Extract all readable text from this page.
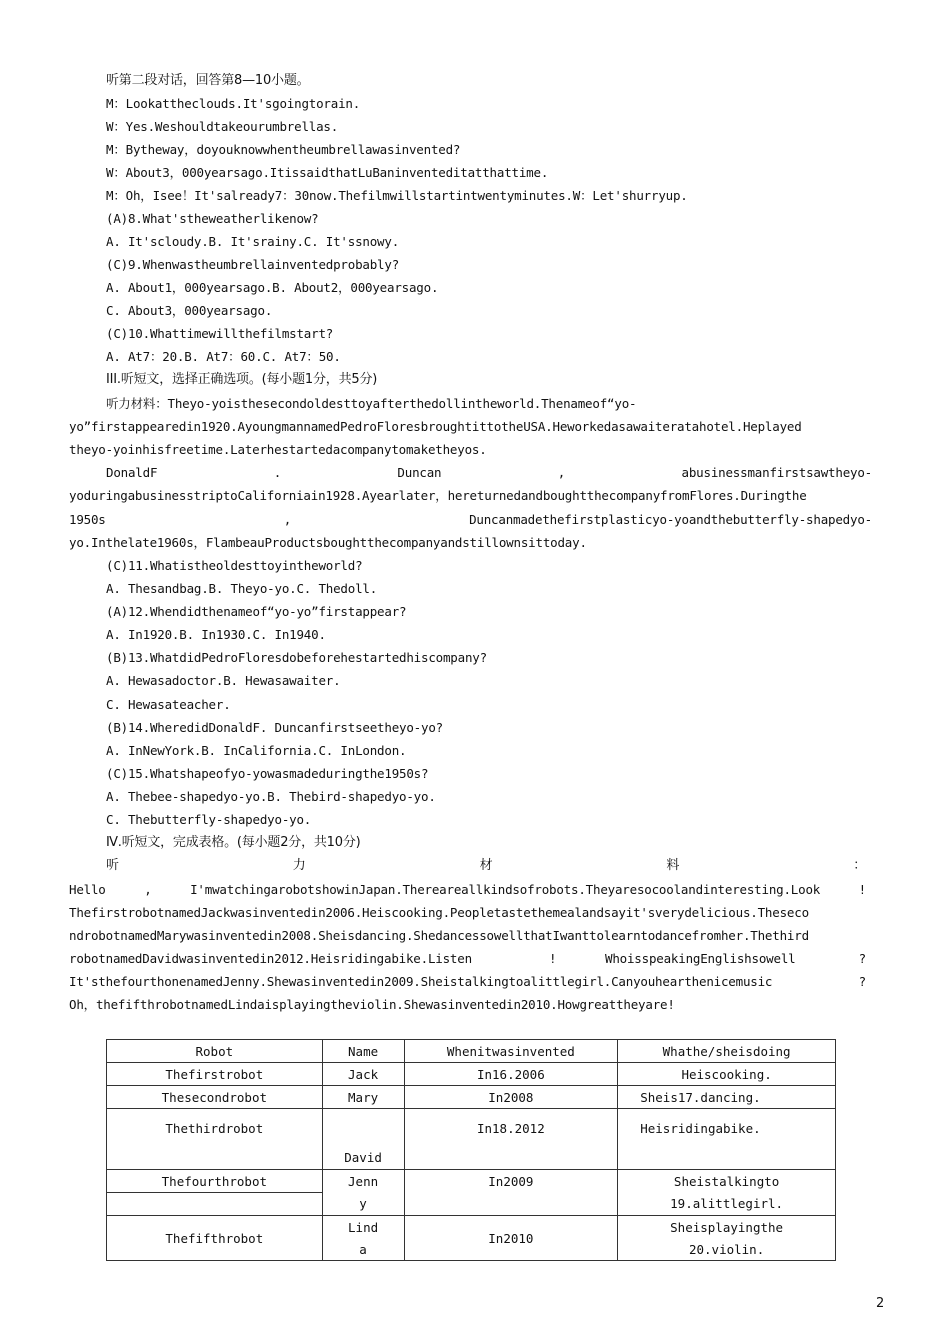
听第二段对话，回答第8—10小题。
M：Lookattheclouds.It'sgoingtorain.
W：Yes.Weshouldtakeourumbrellas.
M：Bytheway，doyouknowwhentheumbrellawasinvented?
W：About3，000yearsago.ItissaidthatLuBaninventeditatthattime.
M：Oh，Isee！It'salready7：30now.Thefilmwillstartintwentyminutes.W：Let'shurryup.
(A)8.What'stheweatherlikenow?
A. It'scloudy.B. It'srainy.C. It'ssnowy.
(C)9.Whenwastheumbrellainventedprobably?
A. About1，000yearsago.B. About2，000yearsago.
C. About3，000yearsago.
(C)10.Whattimewillthefilmstart?
A. At7：20.B. At7：60.C. At7：50.
III.听短文，选择正确选项。(每小题1分，共5分)
听力材料：Theyo-yoisthesecondoldesttoyafterthedollintheworld.Thenameof“yo-
yo”firstappearedin1920.AyoungmannamedPedroFloresbroughtittotheUSA.Heworkedasawaiteratahotel.Heplayed
theyo-yoinhisfreetime.Laterhestartedacompanytomaketheyos.
DonaldF	.	Duncan	,	abusinessmanfirstsawtheyo-
yoduringabusinesstriptoCaliforniain1928.Ayearlater，hereturnedandboughtthecompanyfromFlores.Duringthe
1950s	,	Duncanmadethefirstplasticyo-yoandthebutterfly-shapedyo-
yo.Inthelate1960s，FlambeauProductsboughtthecompanyandstillownsittoday.
(C)11.Whatistheoldesttoyintheworld?
A. Thesandbag.B. Theyo-yo.C. Thedoll.
(A)12.Whendidthenameof“yo-yo”firstappear?
A. In1920.B. In1930.C. In1940.
(B)13.WhatdidPedroFloresdobeforehestartedhiscompany?
A. Hewasadoctor.B. Hewasawaiter.
C. Hewasateacher.
(B)14.WheredidDonaldF. Duncanfirstseetheyo-yo?
A. InNewYork.B. InCalifornia.C. InLondon.
(C)15.Whatshapeofyo-yowasmadeduringthe1950s?
A. Thebee-shapedyo-yo.B. Thebird-shapedyo-yo.
C. Thebutterfly-shapedyo-yo.
Ⅳ.听短文，完成表格。(每小题2分，共10分)
听	力	材	料	：
Hello	,	I'mwatchingarobotshowinJapan.Thereareallkindsofrobots.Theyaresocoolandinteresting.Look	!
ThefirstrobotnamedJackwasinventedin2006.Heiscooking.Peopletastethemealandsayit'sverydelicious.Theseco
ndrobotnamedMarywasinventedin2008.Sheisdancing.ShedancessowellthatIwanttolearntodancefromher.Thethird
robotnamedDavidwasinventedin2012.Heisridingabike.Listen	!	WhoisspeakingEnglishsowell	?
It'sthefourthonenamedJenny.Shewasinventedin2009.Sheistalkingtoalittlegirl.Canyouhearthenicemusic	?
Oh，thefifthrobotnamedLindaisplayingtheviolin.Shewasinventedin2010.Howgreattheyare!
Robot	Name	Whenitwasinvented	Whathe/sheisdoing
Thefirstrobot	Jack	In16.2006	Heiscooking.
Thesecondrobot	Mary	In2008	Sheis17.dancing.
Thethirdrobot	David	In18.2012	Heisridingabike.
Thefourthrobot	Jenn	In2009	Sheistalkingto
	y		19.alittlegirl.
Thefifthrobot	Lind	In2010	Sheisplayingthe
	a		20.violin.
2
